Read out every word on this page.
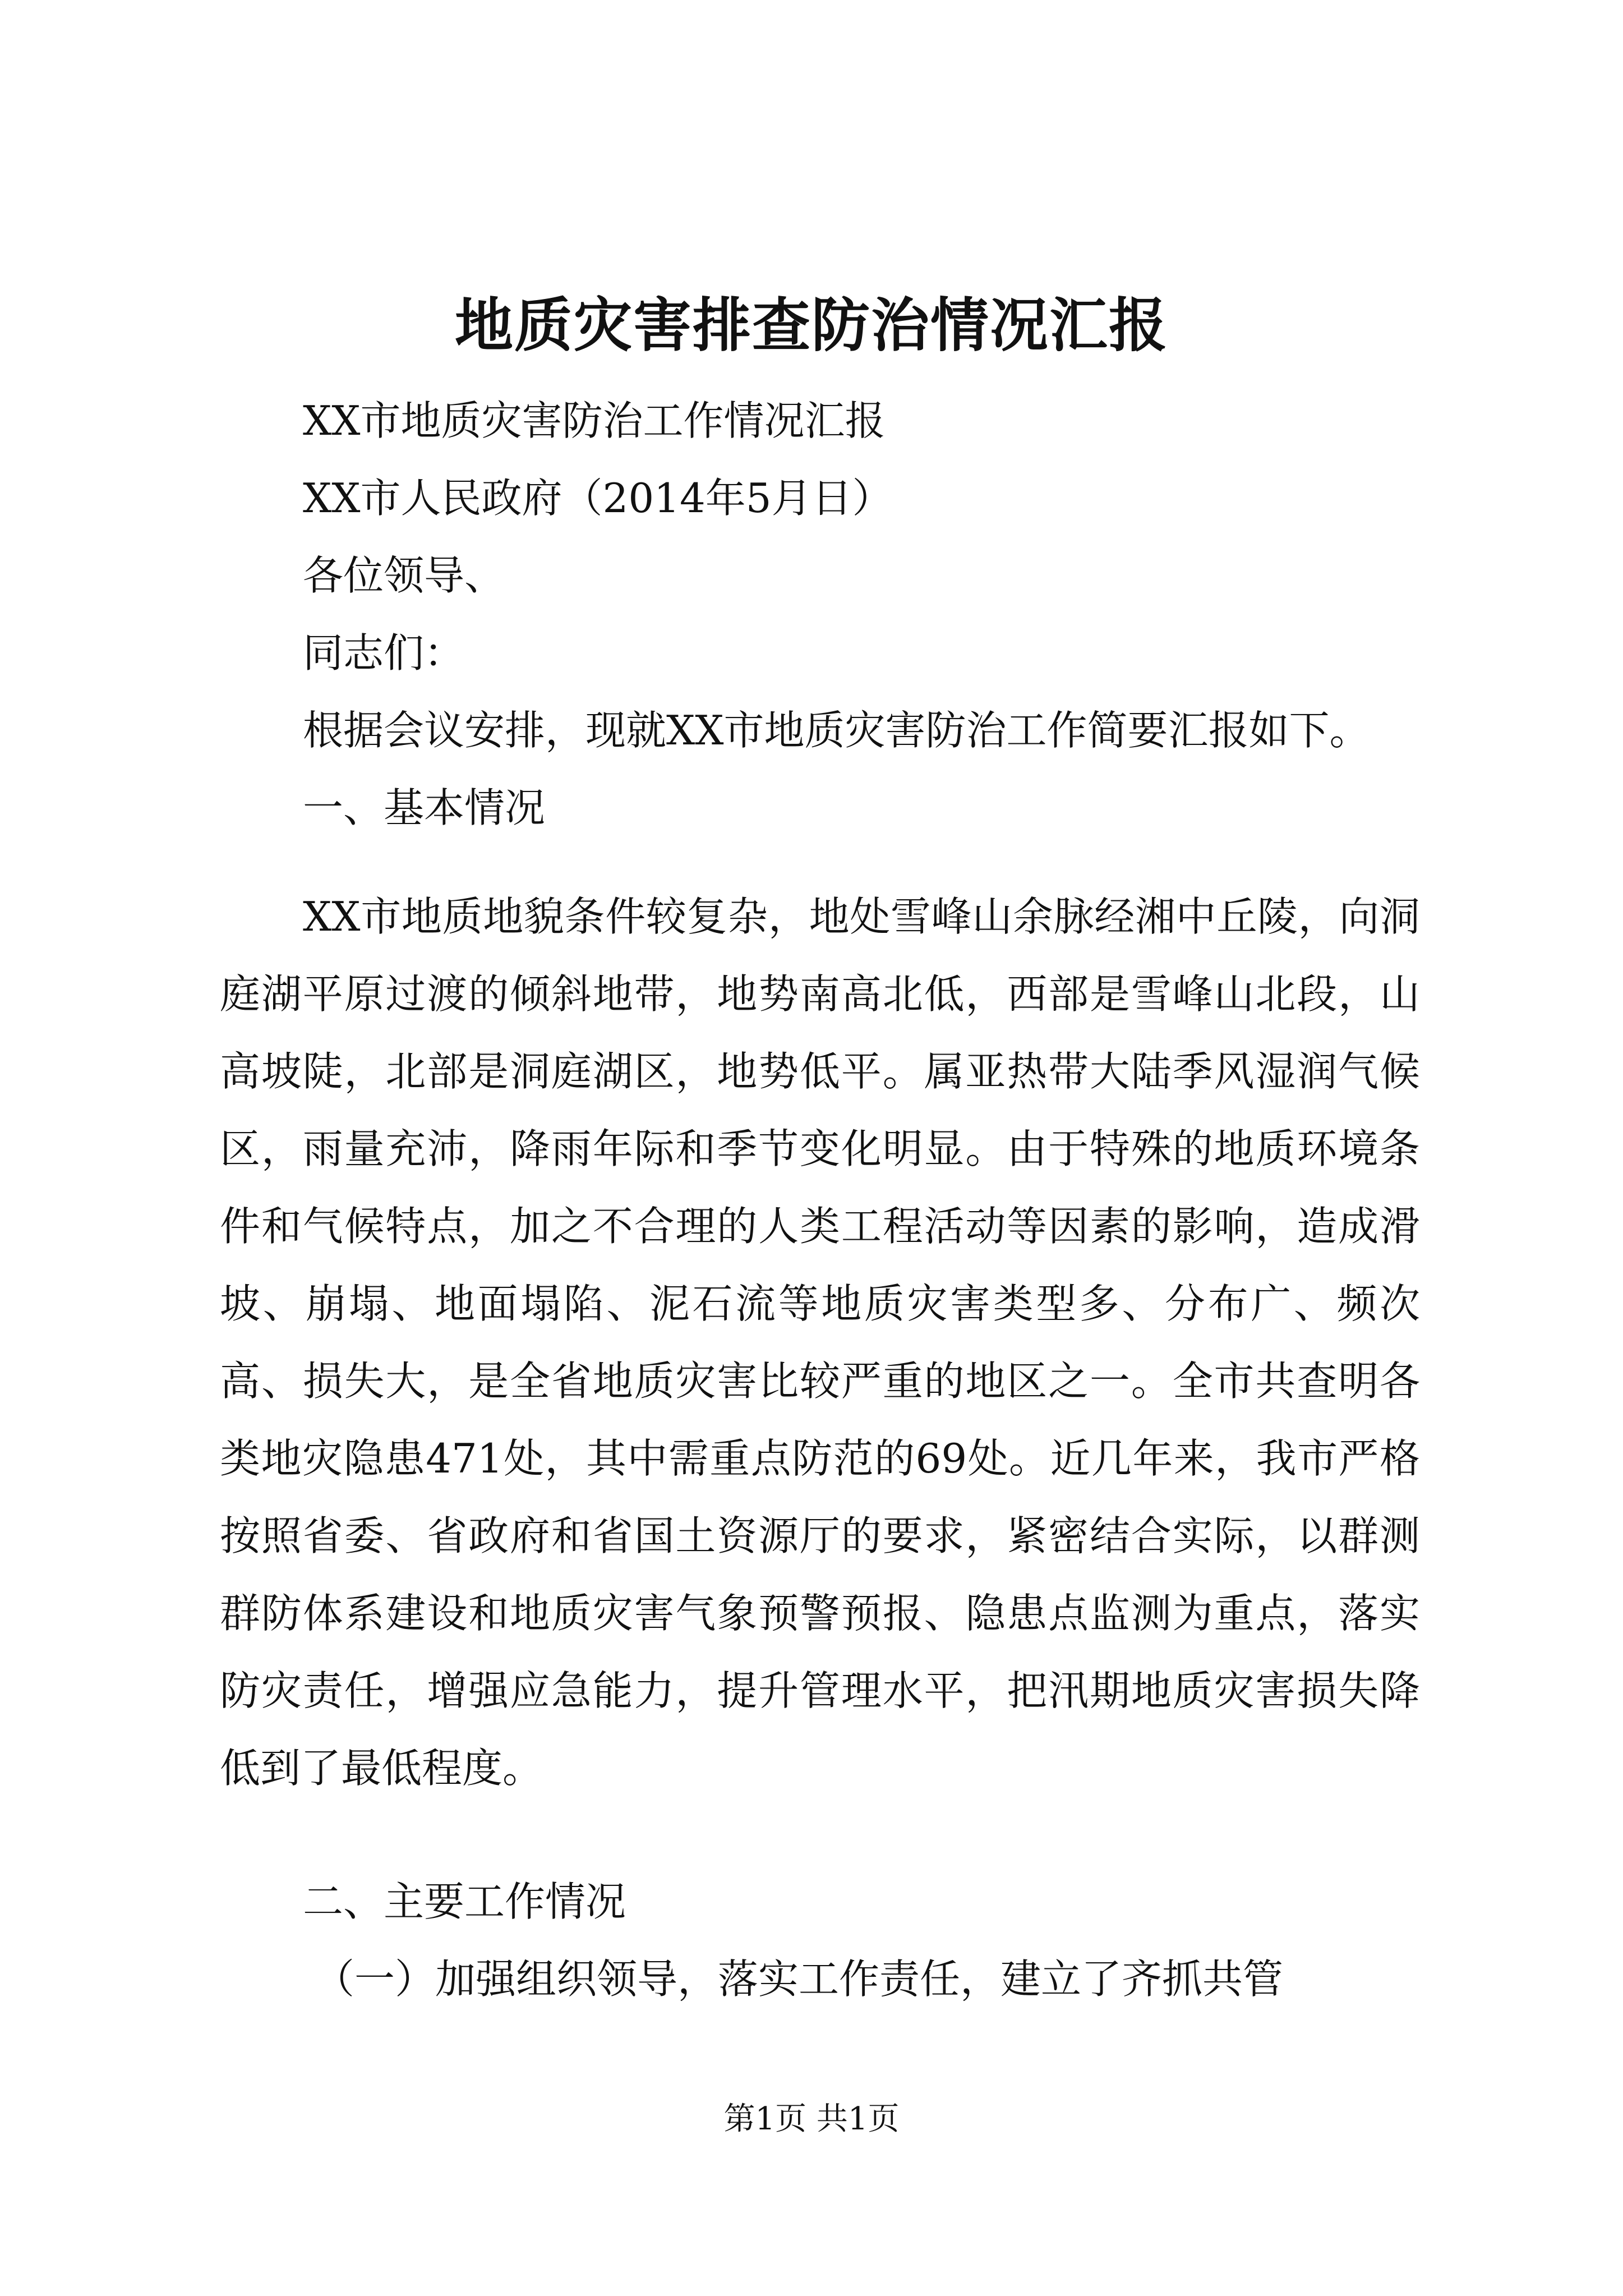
地质灾害排查防治情况汇报
XX市地质灾害防治工作情况汇报
XX市人民政府（2014年5月日）
各位领导、
同志们：
根据会议安排，现就XX市地质灾害防治工作简要汇报如下。
一、基本情况
XX市地质地貌条件较复杂，地处雪峰山余脉经湘中丘陵，向洞庭湖平原过渡的倾斜地带，地势南高北低，西部是雪峰山北段，山高坡陡，北部是洞庭湖区，地势低平。属亚热带大陆季风湿润气候区，雨量充沛，降雨年际和季节变化明显。由于特殊的地质环境条件和气候特点，加之不合理的人类工程活动等因素的影响，造成滑坡、崩塌、地面塌陷、泥石流等地质灾害类型多、分布广、频次高、损失大，是全省地质灾害比较严重的地区之一。全市共查明各类地灾隐患471处，其中需重点防范的69处。近几年来，我市严格按照省委、省政府和省国土资源厅的要求，紧密结合实际，以群测群防体系建设和地质灾害气象预警预报、隐患点监测为重点，落实防灾责任，增强应急能力，提升管理水平，把汛期地质灾害损失降低到了最低程度。
二、主要工作情况
（一）加强组织领导，落实工作责任，建立了齐抓共管
第1页 共1页
